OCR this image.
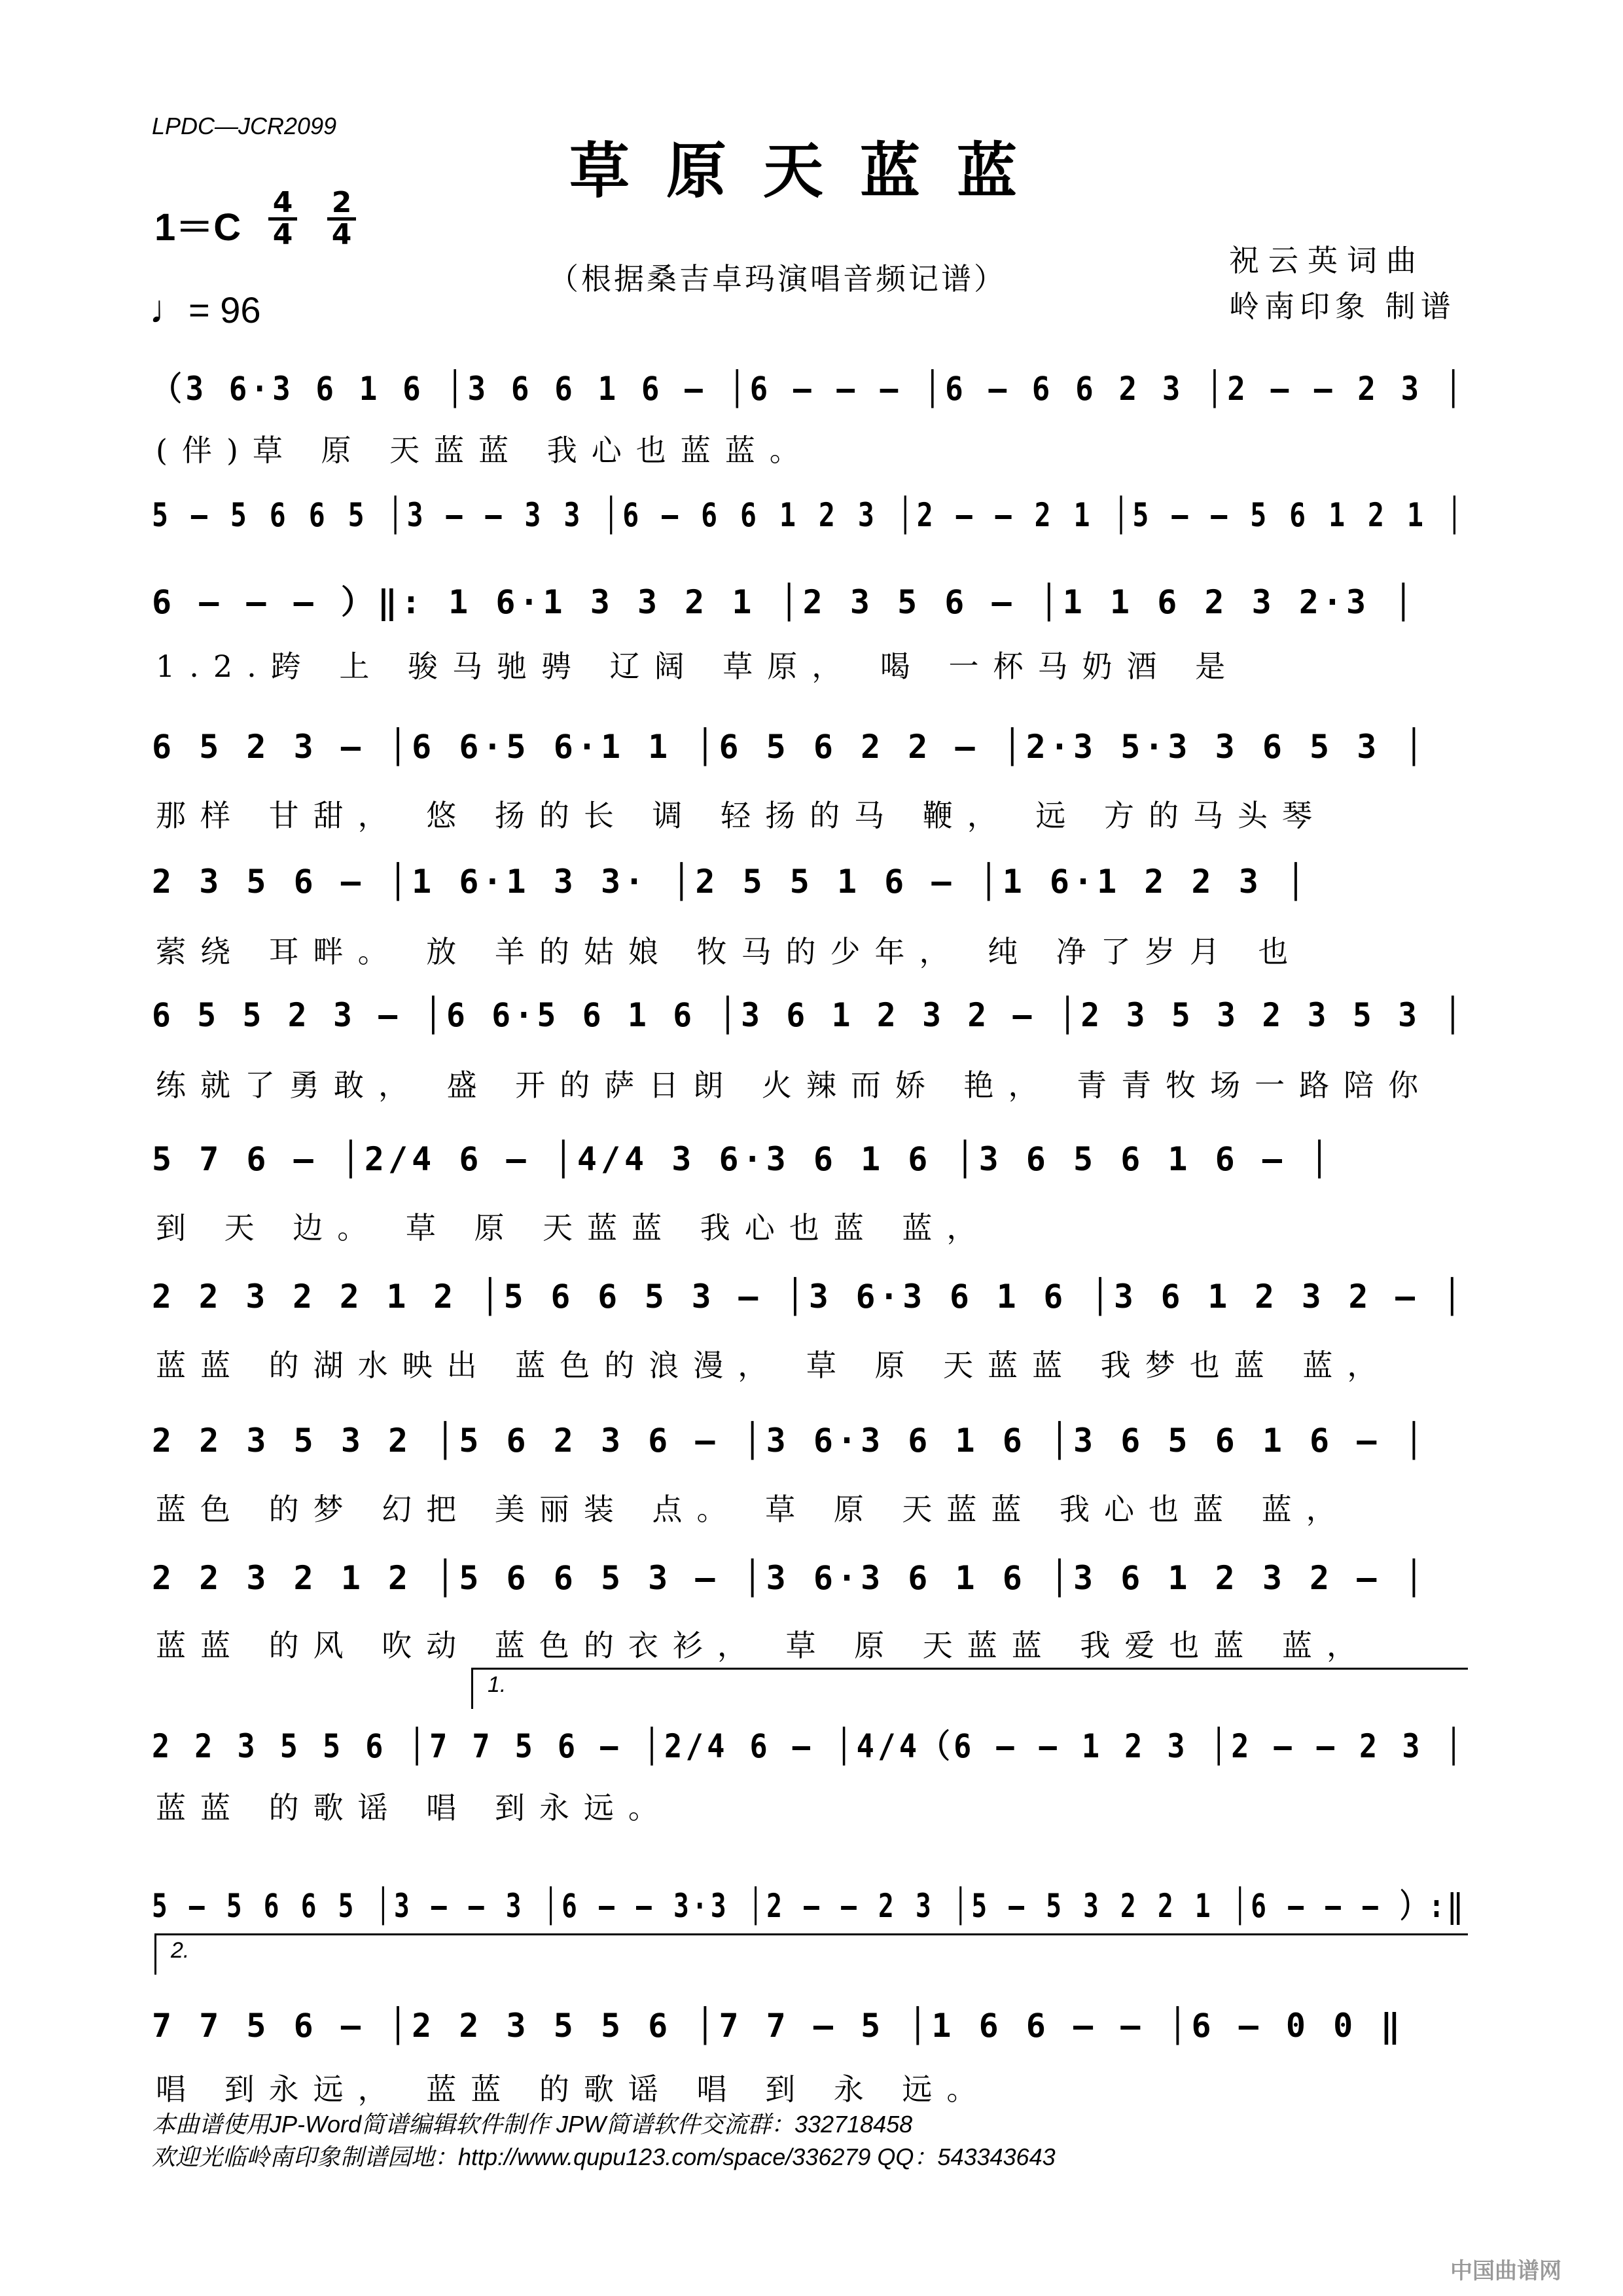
LPDC—JCR2099
草原天蓝蓝
1＝C
4
4
2
4
♩= 96
（根据桑吉卓玛演唱音频记谱）
祝云英词曲
岭南印象 制谱
1.
2.
（3 6·3 6 1 6 │3 6 6 1 6 – │6 – – – │6 – 6 6 2 3 │2 – – 2 3 │
(伴)草 原 天蓝蓝 我心也蓝蓝。
5 – 5 6 6 5 │3 – – 3 3 │6 – 6 6 1 2 3 │2 – – 2 1 │5 – – 5 6 1 2 1 │
6 – – – ）‖: 1 6·1 3 3 2 1 │2 3 5 6 – │1 1 6 2 3 2·3 │
1.2.跨 上 骏马驰骋 辽阔 草原， 喝 一杯马奶酒 是
6 5 2 3 – │6 6·5 6·1 1 │6 5 6 2 2 – │2·3 5·3 3 6 5 3 │
那样 甘甜， 悠 扬的长 调 轻扬的马 鞭， 远 方的马头琴
2 3 5 6 – │1 6·1 3 3· │2 5 5 1 6 – │1 6·1 2 2 3 │
萦绕 耳畔。 放 羊的姑娘 牧马的少年， 纯 净了岁月 也
6 5 5 2 3 – │6 6·5 6 1 6 │3 6 1 2 3 2 – │2 3 5 3 2 3 5 3 │
练就了勇敢， 盛 开的萨日朗 火辣而娇 艳， 青青牧场一路陪你
5 7 6 – │2/4 6 – │4/4 3 6·3 6 1 6 │3 6 5 6 1 6 – │
到 天 边。 草 原 天蓝蓝 我心也蓝 蓝，
2 2 3 2 2 1 2 │5 6 6 5 3 – │3 6·3 6 1 6 │3 6 1 2 3 2 – │
蓝蓝 的湖水映出 蓝色的浪漫， 草 原 天蓝蓝 我梦也蓝 蓝，
2 2 3 5 3 2 │5 6 2 3 6 – │3 6·3 6 1 6 │3 6 5 6 1 6 – │
蓝色 的梦 幻把 美丽装 点。 草 原 天蓝蓝 我心也蓝 蓝，
2 2 3 2 1 2 │5 6 6 5 3 – │3 6·3 6 1 6 │3 6 1 2 3 2 – │
蓝蓝 的风 吹动 蓝色的衣衫， 草 原 天蓝蓝 我爱也蓝 蓝，
2 2 3 5 5 6 │7 7 5 6 – │2/4 6 – │4/4（6 – – 1 2 3 │2 – – 2 3 │
蓝蓝 的歌谣 唱 到永远。
5 – 5 6 6 5 │3 – – 3 │6 – – 3·3 │2 – – 2 3 │5 – 5 3 2 2 1 │6 – – – ）:‖
7 7 5 6 – │2 2 3 5 5 6 │7 7 – 5 │1 6 6 – – │6 – 0 0 ‖
唱 到永远， 蓝蓝 的歌谣 唱 到 永 远。
本曲谱使用JP-Word简谱编辑软件制作 JPW简谱软件交流群：332718458
欢迎光临岭南印象制谱园地：http://www.qupu123.com/space/336279 QQ：543343643
中国曲谱网
